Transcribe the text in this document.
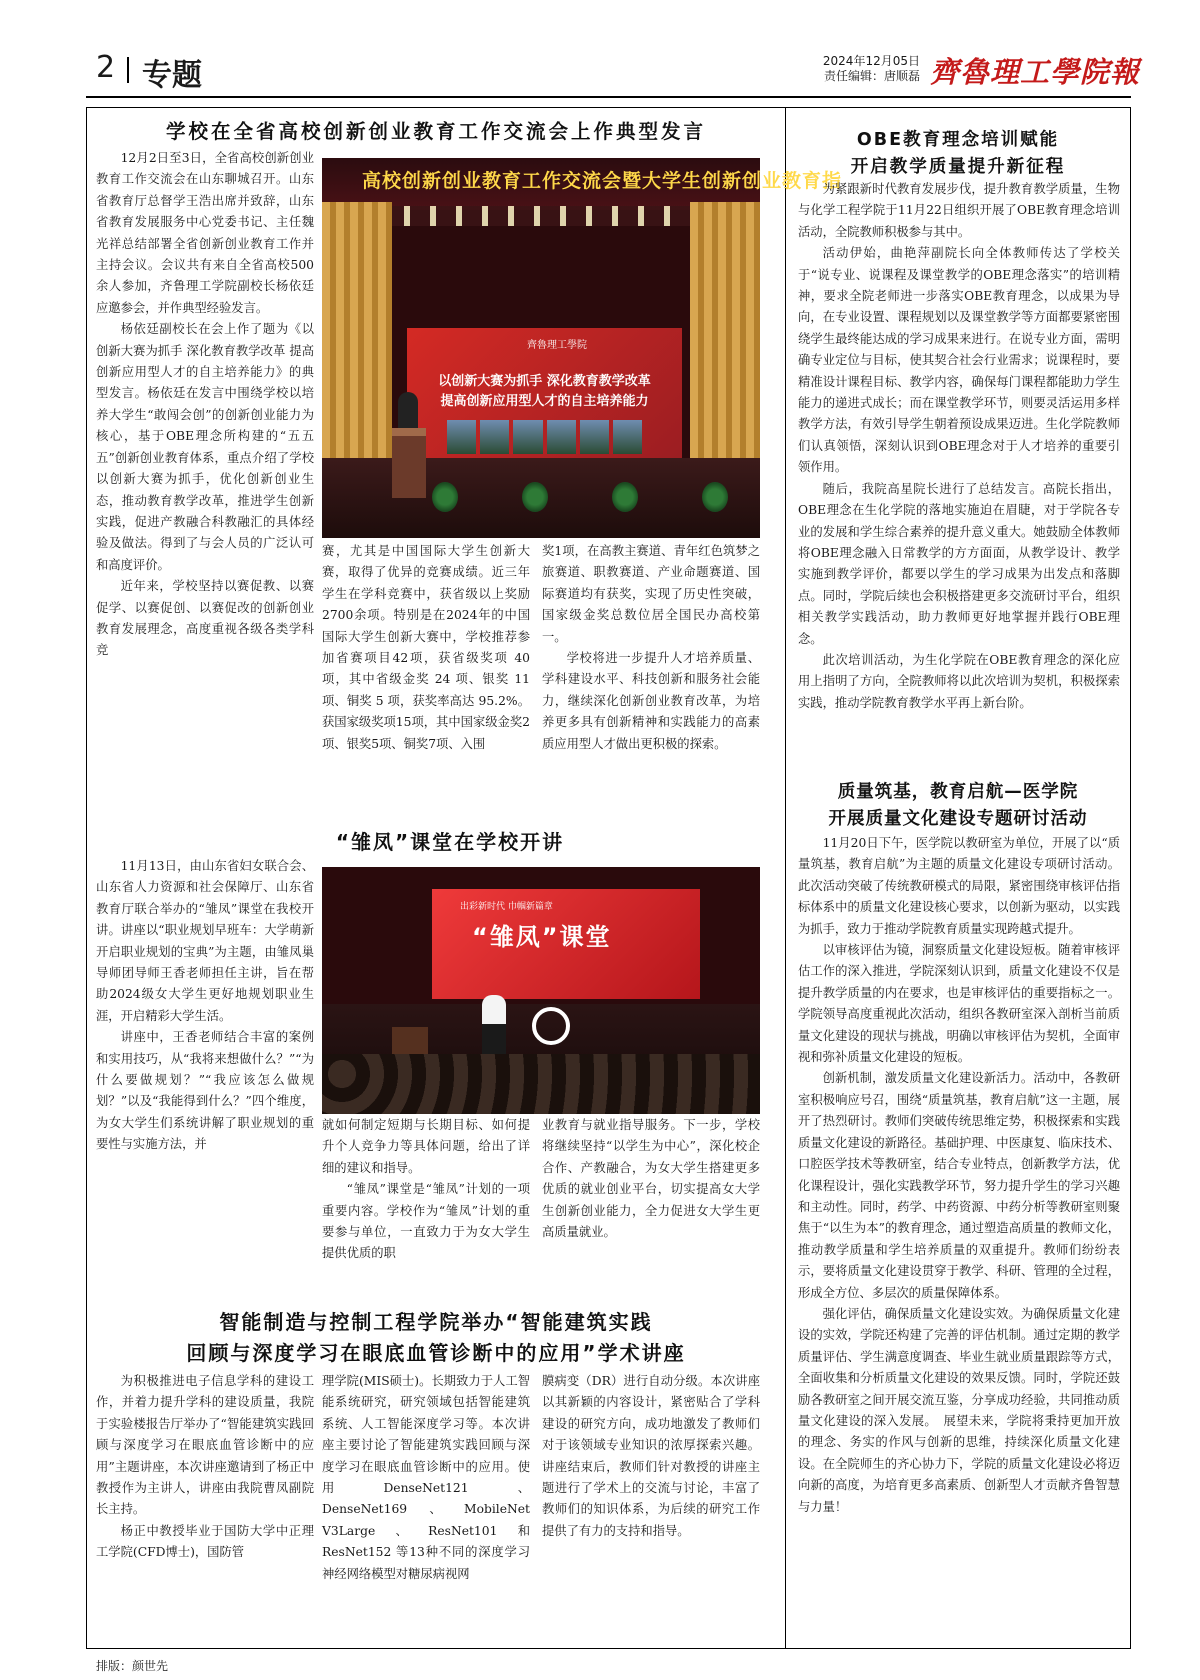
2 专题	2024年12月05日
责任编辑：唐顺磊 齊魯理工學院報
学校在全省高校创新创业教育工作交流会上作典型发言

12月2日至3日，全省高校创新创业教育工作交流会在山东聊城召开。山东省教育厅总督学王浩出席并致辞，山东省教育发展服务中心党委书记、主任魏光祥总结部署全省创新创业教育工作并主持会议。会议共有来自全省高校500余人参加，齐鲁理工学院副校长杨依廷应邀参会，并作典型经验发言。

杨依廷副校长在会上作了题为《以创新大赛为抓手 深化教育教学改革 提高创新应用型人才的自主培养能力》的典型发言。杨依廷在发言中围绕学校以培养大学生“敢闯会创”的创新创业能力为核心，基于OBE理念所构建的“五五五”创新创业教育体系，重点介绍了学校以创新大赛为抓手，优化创新创业生态，推动教育教学改革，推进学生创新实践，促进产教融合科教融汇的具体经验及做法。得到了与会人员的广泛认可和高度评价。

近年来，学校坚持以赛促教、以赛促学、以赛促创、以赛促改的创新创业教育发展理念，高度重视各级各类学科竞

高校创新创业教育工作交流会暨大学生创新创业教育指
齊魯理工學院
以创新大赛为抓手 深化教育教学改革
提高创新应用型人才的自主培养能力

赛，尤其是中国国际大学生创新大赛，取得了优异的竞赛成绩。近三年学生在学科竞赛中，获省级以上奖励2700余项。特别是在2024年的中国国际大学生创新大赛中，学校推荐参加省赛项目42项，获省级奖项 40 项，其中省级金奖 24 项、银奖 11 项、铜奖 5 项，获奖率高达 95.2%。获国家级奖项15项，其中国家级金奖2项、银奖5项、铜奖7项、入围

奖1项，在高教主赛道、青年红色筑梦之旅赛道、职教赛道、产业命题赛道、国际赛道均有获奖，实现了历史性突破，国家级金奖总数位居全国民办高校第一。

学校将进一步提升人才培养质量、学科建设水平、科技创新和服务社会能力，继续深化创新创业教育改革，为培养更多具有创新精神和实践能力的高素质应用型人才做出更积极的探索。

“雏凤”课堂在学校开讲

11月13日，由山东省妇女联合会、山东省人力资源和社会保障厅、山东省教育厅联合举办的“雏凤”课堂在我校开讲。讲座以“职业规划早班车：大学萌新开启职业规划的宝典”为主题，由雏凤巢导师团导师王香老师担任主讲，旨在帮助2024级女大学生更好地规划职业生涯，开启精彩大学生活。

讲座中，王香老师结合丰富的案例和实用技巧，从“我将来想做什么？”“为什么要做规划？”“我应该怎么做规划？”以及“我能得到什么？”四个维度，为女大学生们系统讲解了职业规划的重要性与实施方法，并

出彩新时代 巾帼新篇章
“雏凤”课堂

就如何制定短期与长期目标、如何提升个人竞争力等具体问题，给出了详细的建议和指导。

“雏凤”课堂是“雏凤”计划的一项重要内容。学校作为“雏凤”计划的重要参与单位，一直致力于为女大学生提供优质的职

业教育与就业指导服务。下一步，学校将继续坚持“以学生为中心”，深化校企合作、产教融合，为女大学生搭建更多优质的就业创业平台，切实提高女大学生创新创业能力，全力促进女大学生更高质量就业。

智能制造与控制工程学院举办“智能建筑实践
回顾与深度学习在眼底血管诊断中的应用”学术讲座

为积极推进电子信息学科的建设工作，并着力提升学科的建设质量，我院于实验楼报告厅举办了“智能建筑实践回顾与深度学习在眼底血管诊断中的应用”主题讲座，本次讲座邀请到了杨正中教授作为主讲人，讲座由我院曹凤副院长主持。

杨正中教授毕业于国防大学中正理工学院(CFD博士)，国防管

理学院(MIS硕士)。长期致力于人工智能系统研究，研究领域包括智能建筑系统、人工智能深度学习等。本次讲座主要讨论了智能建筑实践回顾与深度学习在眼底血管诊断中的应用。使用DenseNet121、 DenseNet169、MobileNet V3Large、ResNet101和ResNet152 等13种不同的深度学习神经网络模型对糖尿病视网

膜病变（DR）进行自动分级。本次讲座以其新颖的内容设计，紧密贴合了学科建设的研究方向，成功地激发了教师们对于该领域专业知识的浓厚探索兴趣。讲座结束后，教师们针对教授的讲座主题进行了学术上的交流与讨论，丰富了教师们的知识体系，为后续的研究工作提供了有力的支持和指导。

OBE教育理念培训赋能
开启教学质量提升新征程

为紧跟新时代教育发展步伐，提升教育教学质量，生物与化学工程学院于11月22日组织开展了OBE教育理念培训活动，全院教师积极参与其中。

活动伊始，曲艳萍副院长向全体教师传达了学校关于“说专业、说课程及课堂教学的OBE理念落实”的培训精神，要求全院老师进一步落实OBE教育理念，以成果为导向，在专业设置、课程规划以及课堂教学等方面都要紧密围绕学生最终能达成的学习成果来进行。在说专业方面，需明确专业定位与目标，使其契合社会行业需求；说课程时，要精准设计课程目标、教学内容，确保每门课程都能助力学生能力的递进式成长；而在课堂教学环节，则要灵活运用多样教学方法，有效引导学生朝着预设成果迈进。生化学院教师们认真领悟，深刻认识到OBE理念对于人才培养的重要引领作用。

随后，我院高星院长进行了总结发言。高院长指出，OBE理念在生化学院的落地实施迫在眉睫，对于学院各专业的发展和学生综合素养的提升意义重大。她鼓励全体教师将OBE理念融入日常教学的方方面面，从教学设计、教学实施到教学评价，都要以学生的学习成果为出发点和落脚点。同时，学院后续也会积极搭建更多交流研讨平台，组织相关教学实践活动，助力教师更好地掌握并践行OBE理念。

此次培训活动，为生化学院在OBE教育理念的深化应用上指明了方向，全院教师将以此次培训为契机，积极探索实践，推动学院教育教学水平再上新台阶。

质量筑基，教育启航—医学院
开展质量文化建设专题研讨活动

11月20日下午，医学院以教研室为单位，开展了以“质量筑基，教育启航”为主题的质量文化建设专项研讨活动。此次活动突破了传统教研模式的局限，紧密围绕审核评估指标体系中的质量文化建设核心要求，以创新为驱动，以实践为抓手，致力于推动学院教育质量实现跨越式提升。

以审核评估为镜，洞察质量文化建设短板。随着审核评估工作的深入推进，学院深刻认识到，质量文化建设不仅是提升教学质量的内在要求，也是审核评估的重要指标之一。学院领导高度重视此次活动，组织各教研室深入剖析当前质量文化建设的现状与挑战，明确以审核评估为契机，全面审视和弥补质量文化建设的短板。

创新机制，激发质量文化建设新活力。活动中，各教研室积极响应号召，围绕“质量筑基，教育启航”这一主题，展开了热烈研讨。教师们突破传统思维定势，积极探索和实践质量文化建设的新路径。基础护理、中医康复、临床技术、口腔医学技术等教研室，结合专业特点，创新教学方法，优化课程设计，强化实践教学环节，努力提升学生的学习兴趣和主动性。同时，药学、中药资源、中药分析等教研室则聚焦于“以生为本”的教育理念，通过塑造高质量的教师文化，推动教学质量和学生培养质量的双重提升。教师们纷纷表示，要将质量文化建设贯穿于教学、科研、管理的全过程，形成全方位、多层次的质量保障体系。

强化评估，确保质量文化建设实效。为确保质量文化建设的实效，学院还构建了完善的评估机制。通过定期的教学质量评估、学生满意度调查、毕业生就业质量跟踪等方式，全面收集和分析质量文化建设的效果反馈。同时，学院还鼓励各教研室之间开展交流互鉴，分享成功经验，共同推动质量文化建设的深入发展。　展望未来，学院将秉持更加开放的理念、务实的作风与创新的思维，持续深化质量文化建设。在全院师生的齐心协力下，学院的质量文化建设必将迈向新的高度，为培育更多高素质、创新型人才贡献齐鲁智慧与力量！

排版：颜世先
